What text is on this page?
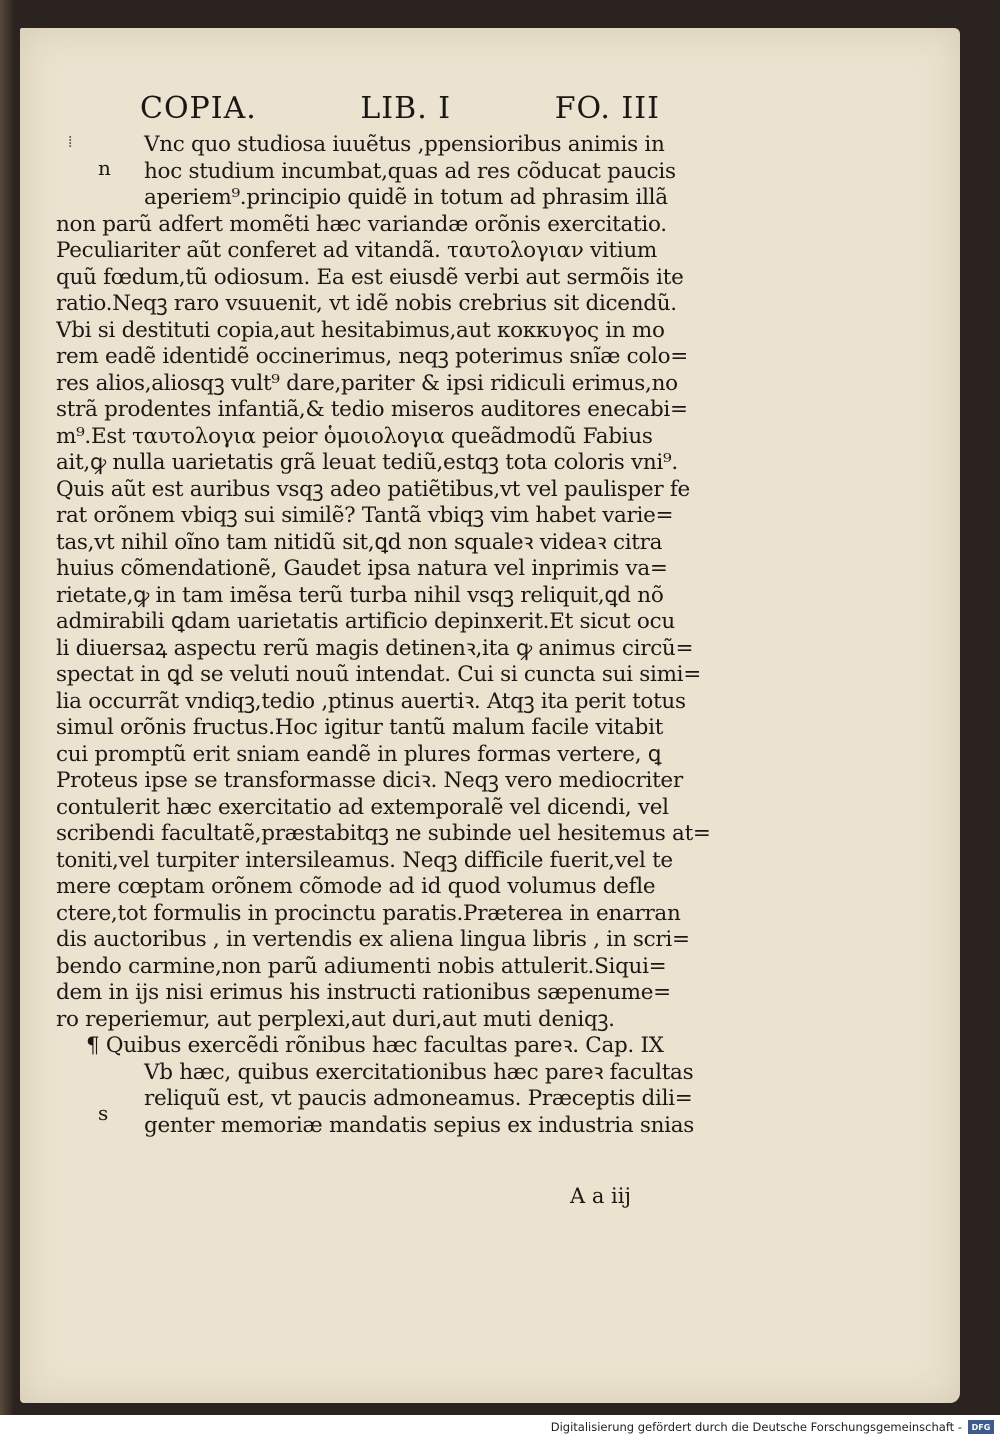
COPIA.	LIB. I	FO. III
⁞
n
s
Vnc quo studiosa iuuẽtus ,ppensioribus animis in
hoc studium incumbat,quas ad res cõducat paucis
aperiem⁹.principio quidẽ in totum ad phrasim illã
non parũ adfert momẽti hæc variandæ orõnis exercitatio.
Peculiariter aũt conferet ad vitandã. ταυτολογιαν vitium
quũ fœdum,tũ odiosum. Ea est eiusdẽ verbi aut sermõis ite
ratio.Neqꝫ raro vsuuenit, vt idẽ nobis crebrius sit dicendũ.
Vbi si destituti copia,aut hesitabimus,aut κοκκυγος in mo
rem eadẽ identidẽ occinerimus, neqꝫ poterimus snĩæ colo=
res alios,aliosqꝫ vult⁹ dare,pariter & ipsi ridiculi erimus,no
strã prodentes infantiã,& tedio miseros auditores enecabi=
m⁹.Est ταυτολογια peior ὁμοιολογια queãdmodũ Fabius
ait,ꝙ nulla uarietatis grã leuat tediũ,estqꝫ tota coloris vni⁹.
Quis aũt est auribus vsqꝫ adeo patiẽtibus,vt vel paulisper fe
rat orõnem vbiqꝫ sui similẽ? Tantã vbiqꝫ vim habet varie=
tas,vt nihil oĩno tam nitidũ sit,ꝗd non squaleꝛ videaꝛ citra
huius cõmendationẽ, Gaudet ipsa natura vel inprimis va=
rietate,ꝙ in tam imẽsa terũ turba nihil vsqꝫ reliquit,ꝗd nõ
admirabili ꝗdam uarietatis artificio depinxerit.Et sicut ocu
li diuersaꝝ aspectu rerũ magis detinenꝛ,ita ꝙ animus circũ=
spectat in ꝗd se veluti nouũ intendat. Cui si cuncta sui simi=
lia occurrãt vndiqꝫ,tedio ,ptinus auertiꝛ. Atqꝫ ita perit totus
simul orõnis fructus.Hoc igitur tantũ malum facile vitabit
cui promptũ erit sniam eandẽ in plures formas vertere, ꝗ
Proteus ipse se transformasse diciꝛ. Neqꝫ vero mediocriter
contulerit hæc exercitatio ad extemporalẽ vel dicendi, vel
scribendi facultatẽ,præstabitqꝫ ne subinde uel hesitemus at=
toniti,vel turpiter intersileamus. Neqꝫ difficile fuerit,vel te
mere cœptam orõnem cõmode ad id quod volumus defle
ctere,tot formulis in procinctu paratis.Præterea in enarran
dis auctoribus , in vertendis ex aliena lingua libris , in scri=
bendo carmine,non parũ adiumenti nobis attulerit.Siqui=
dem in ijs nisi erimus his instructi rationibus sæpenume=
ro reperiemur, aut perplexi,aut duri,aut muti deniqꝫ.
¶ Quibus exercẽdi rõnibus hæc facultas pareꝛ. Cap. IX
Vb hæc, quibus exercitationibus hæc pareꝛ facultas
reliquũ est, vt paucis admoneamus. Præceptis dili=
genter memoriæ mandatis sepius ex industria snias
A a iij
Digitalisierung gefördert durch die Deutsche Forschungsgemeinschaft -	DFG
